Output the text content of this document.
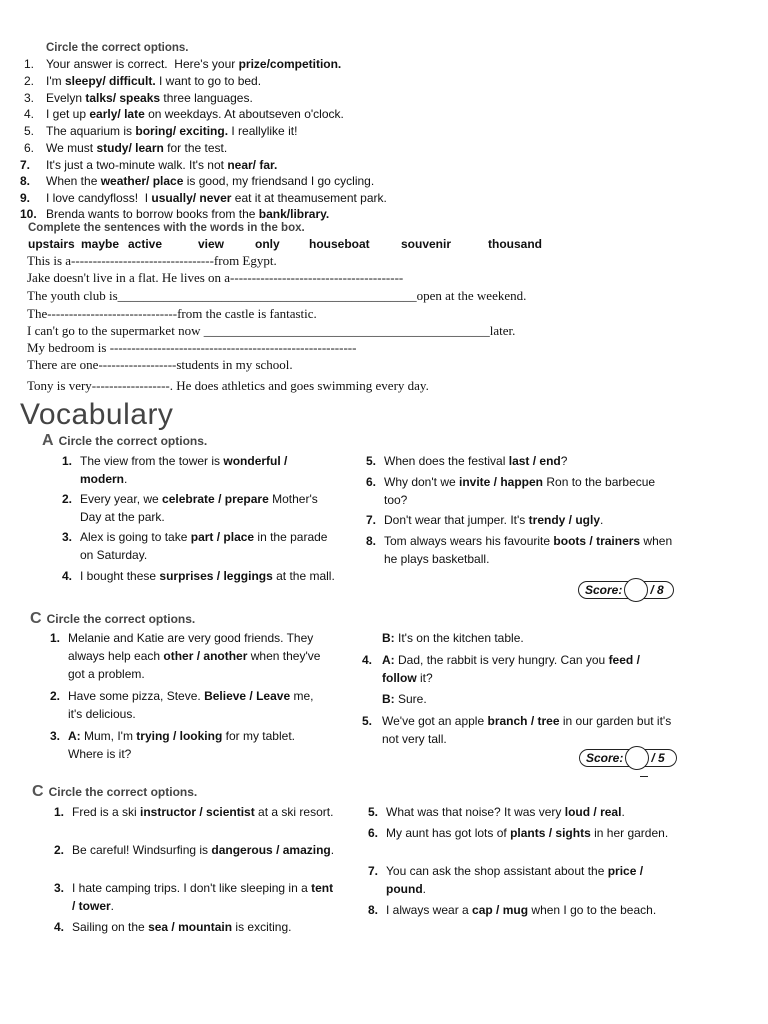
Circle the correct options.
1. Your answer is correct.  Here's your prize/competition.
2. I'm sleepy/ difficult. I want to go to bed.
3. Evelyn talks/ speaks three languages.
4. I get up early/ late on weekdays. At aboutseven o'clock.
5. The aquarium is boring/ exciting. I reallylike it!
6. We must study/ learn for the test.
7.	It's just a two-minute walk. It's not near/ far.
8.	When the weather/ place is good, my friendsand I go cycling.
9.	I love candyfloss!  I usually/ never eat it at theamusement park.
10. Brenda wants to borrow books from the bank/library.
Complete the sentences with the words in the box.
upstairs maybe active	view	only houseboat	souvenir	thousand
This is a---------------------------------from Egypt.
Jake doesn't live in a flat. He lives on a----------------------------------------
The youth club is______________________________________________open at the weekend.
The------------------------------from the castle is fantastic.
I can't go to the supermarket now ____________________________________________later.
My bedroom is ---------------------------------------------------------
There are one------------------students in my school.
Tony is very------------------. He does athletics and goes swimming every day.
Vocabulary
A Circle the correct options.
1. The view from the tower is wonderful / modern.
2. Every year, we celebrate / prepare Mother's Day at the park.
3. Alex is going to take part / place in the parade on Saturday.
4. I bought these surprises / leggings at the mall.
5. When does the festival last / end?
6. Why don't we invite / happen Ron to the barbecue too?
7. Don't wear that jumper. It's trendy / ugly.
8. Tom always wears his favourite boots / trainers when he plays basketball.
Score: / 8
C Circle the correct options.
1. Melanie and Katie are very good friends. They always help each other / another when they've got a problem.
2. Have some pizza, Steve. Believe / Leave me, it's delicious.
3. A: Mum, I'm trying / looking for my tablet. Where is it?
B: It's on the kitchen table.
4. A: Dad, the rabbit is very hungry. Can you feed / follow it?
B: Sure.
5. We've got an apple branch / tree in our garden but it's not very tall.
Score: / 5
C Circle the correct options.
1. Fred is a ski instructor / scientist at a ski resort.
2. Be careful! Windsurfing is dangerous / amazing.
3. I hate camping trips. I don't like sleeping in a tent / tower.
4. Sailing on the sea / mountain is exciting.
5. What was that noise? It was very loud / real.
6. My aunt has got lots of plants / sights in her garden.
7. You can ask the shop assistant about the price / pound.
8. I always wear a cap / mug when I go to the beach.
